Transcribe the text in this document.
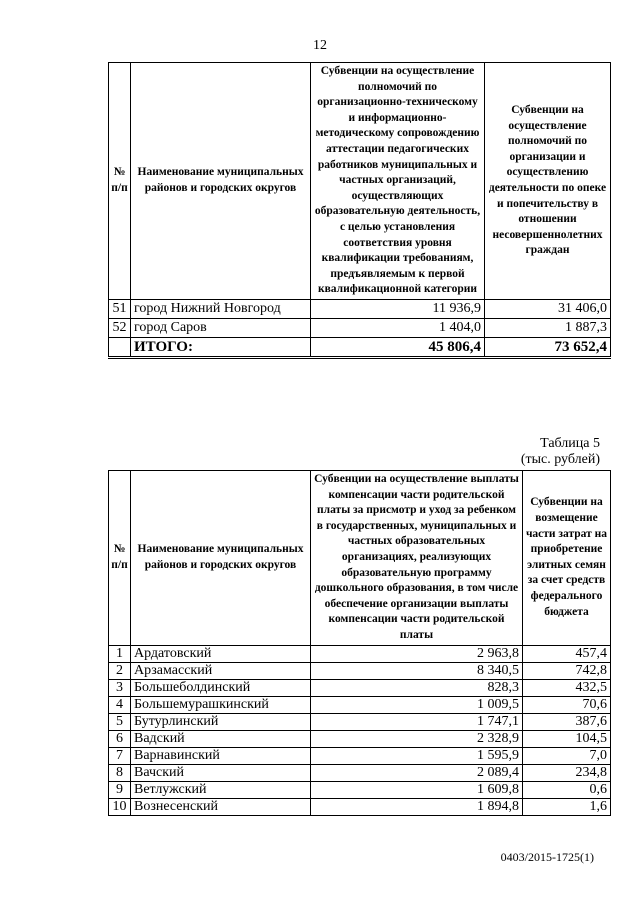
12
№ п/п	Наименование муниципальных районов и городских округов	Субвенции на осуществление полномочий по организационно-техническому и информационно-методическому сопровождению аттестации педагогических работников муниципальных и частных организаций, осуществляющих образовательную деятельность, с целью установления соответствия уровня квалификации требованиям, предъявляемым к первой квалификационной категории	Субвенции на осуществление полномочий по организации и осуществлению деятельности по опеке и попечительству в отношении несовершеннолетних граждан
51	город Нижний Новгород	11 936,9	31 406,0
52	город Саров	1 404,0	1 887,3
	ИТОГО:	45 806,4	73 652,4
Таблица 5
(тыс. рублей)
№ п/п	Наименование муниципальных районов и городских округов	Субвенции на осуществление выплаты компенсации части родительской платы за присмотр и уход за ребенком в государственных, муниципальных и частных образовательных организациях, реализующих образовательную программу дошкольного образования, в том числе обеспечение организации выплаты компенсации части родительской платы	Субвенции на возмещение части затрат на приобретение элитных семян за счет средств федерального бюджета
1	Ардатовский	2 963,8	457,4
2	Арзамасский	8 340,5	742,8
3	Большеболдинский	828,3	432,5
4	Большемурашкинский	1 009,5	70,6
5	Бутурлинский	1 747,1	387,6
6	Вадский	2 328,9	104,5
7	Варнавинский	1 595,9	7,0
8	Вачский	2 089,4	234,8
9	Ветлужский	1 609,8	0,6
10	Вознесенский	1 894,8	1,6
0403/2015-1725(1)
